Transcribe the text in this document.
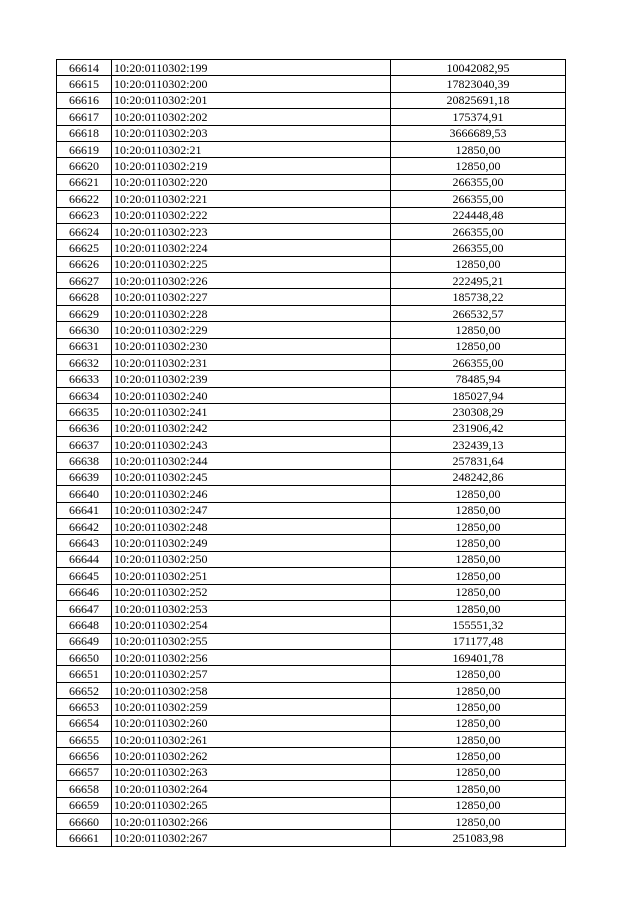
66614	10:20:0110302:199	10042082,95
66615	10:20:0110302:200	17823040,39
66616	10:20:0110302:201	20825691,18
66617	10:20:0110302:202	175374,91
66618	10:20:0110302:203	3666689,53
66619	10:20:0110302:21	12850,00
66620	10:20:0110302:219	12850,00
66621	10:20:0110302:220	266355,00
66622	10:20:0110302:221	266355,00
66623	10:20:0110302:222	224448,48
66624	10:20:0110302:223	266355,00
66625	10:20:0110302:224	266355,00
66626	10:20:0110302:225	12850,00
66627	10:20:0110302:226	222495,21
66628	10:20:0110302:227	185738,22
66629	10:20:0110302:228	266532,57
66630	10:20:0110302:229	12850,00
66631	10:20:0110302:230	12850,00
66632	10:20:0110302:231	266355,00
66633	10:20:0110302:239	78485,94
66634	10:20:0110302:240	185027,94
66635	10:20:0110302:241	230308,29
66636	10:20:0110302:242	231906,42
66637	10:20:0110302:243	232439,13
66638	10:20:0110302:244	257831,64
66639	10:20:0110302:245	248242,86
66640	10:20:0110302:246	12850,00
66641	10:20:0110302:247	12850,00
66642	10:20:0110302:248	12850,00
66643	10:20:0110302:249	12850,00
66644	10:20:0110302:250	12850,00
66645	10:20:0110302:251	12850,00
66646	10:20:0110302:252	12850,00
66647	10:20:0110302:253	12850,00
66648	10:20:0110302:254	155551,32
66649	10:20:0110302:255	171177,48
66650	10:20:0110302:256	169401,78
66651	10:20:0110302:257	12850,00
66652	10:20:0110302:258	12850,00
66653	10:20:0110302:259	12850,00
66654	10:20:0110302:260	12850,00
66655	10:20:0110302:261	12850,00
66656	10:20:0110302:262	12850,00
66657	10:20:0110302:263	12850,00
66658	10:20:0110302:264	12850,00
66659	10:20:0110302:265	12850,00
66660	10:20:0110302:266	12850,00
66661	10:20:0110302:267	251083,98
